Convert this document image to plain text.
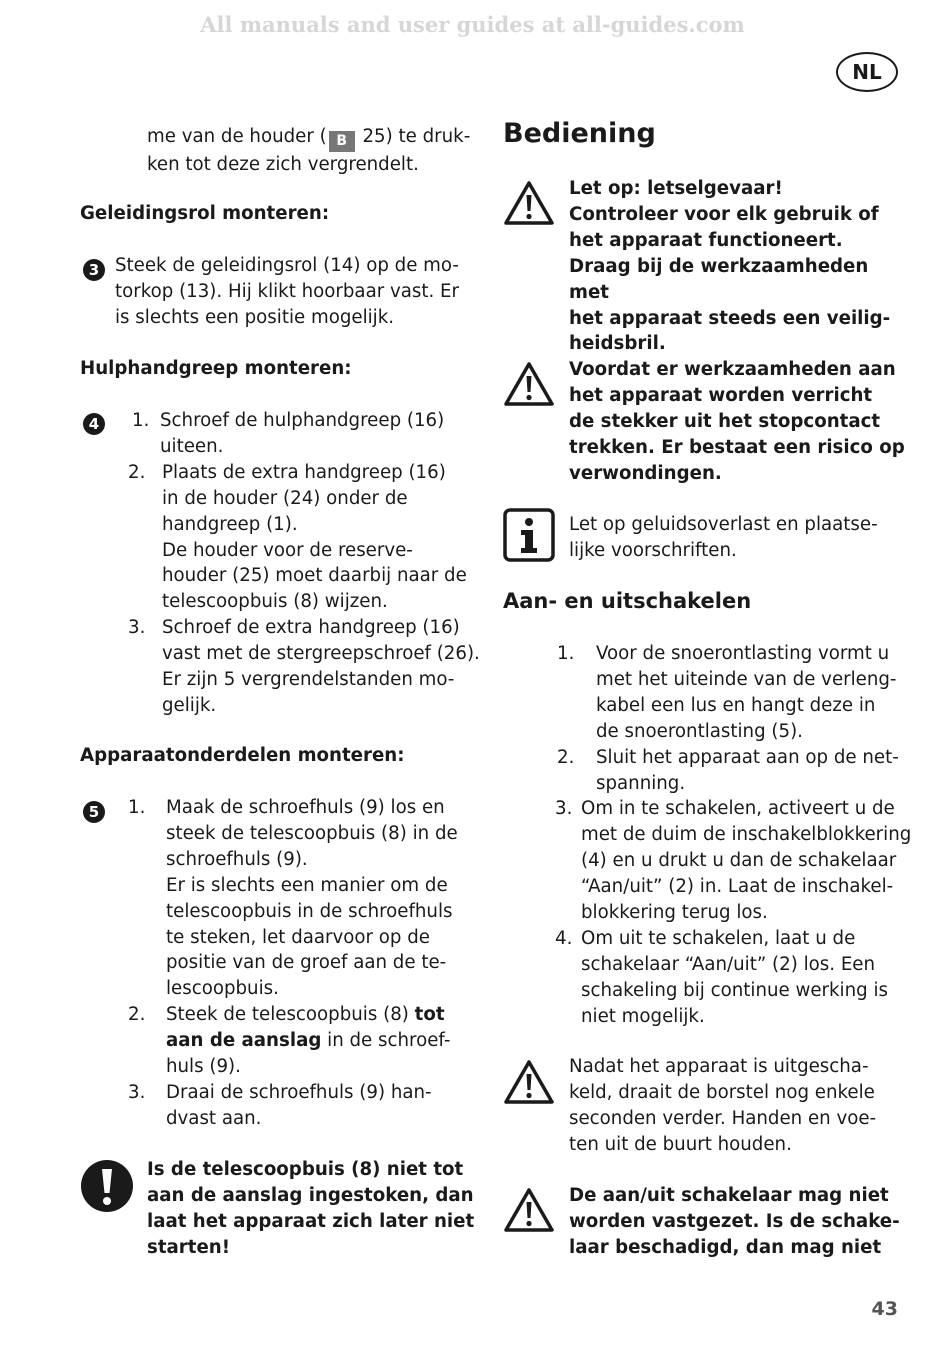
All manuals and user guides at all-guides.com
NL
me van de houder ( B 25) te druk-
ken tot deze zich vergrendelt.
Geleidingsrol monteren:
3 Steek de geleidingsrol (14) op de mo-
torkop (13). Hij klikt hoorbaar vast. Er
is slechts een positie mogelijk.
Hulphandgreep monteren:
4	1. Schroef de hulphandgreep (16)
uiteen.
2. Plaats de extra handgreep (16)
in de houder (24) onder de
handgreep (1).
De houder voor de reserve-
houder (25) moet daarbij naar de
telescoopbuis (8) wijzen.
3. Schroef de extra handgreep (16)
vast met de stergreepschroef (26).
Er zijn 5 vergrendelstanden mo-
gelijk.
Apparaatonderdelen monteren:
5	1. Maak de schroefhuls (9) los en
steek de telescoopbuis (8) in de
schroefhuls (9).
Er is slechts een manier om de
telescoopbuis in de schroefhuls
te steken, let daarvoor op de
positie van de groef aan de te-
lescoopbuis.
2. Steek de telescoopbuis (8) tot
aan de aanslag in de schroef-
huls (9).
3. Draai de schroefhuls (9) han-
dvast aan.
Is de telescoopbuis (8) niet tot
aan de aanslag ingestoken, dan
laat het apparaat zich later niet
starten!
Bediening
Let op: letselgevaar!
Controleer voor elk gebruik of
het apparaat functioneert.
Draag bij de werkzaamheden met
het apparaat steeds een veilig-
heidsbril.
Voordat er werkzaamheden aan
het apparaat worden verricht
de stekker uit het stopcontact
trekken. Er bestaat een risico op
verwondingen.
Let op geluidsoverlast en plaatse-
lijke voorschriften.
Aan- en uitschakelen
1. Voor de snoerontlasting vormt u
met het uiteinde van de verleng-
kabel een lus en hangt deze in
de snoerontlasting (5).
2. Sluit het apparaat aan op de net-
spanning.
3. Om in te schakelen, activeert u de
met de duim de inschakelblokkering
(4) en u drukt u dan de schakelaar
“Aan/uit” (2) in. Laat de inschakel-
blokkering terug los.
4. Om uit te schakelen, laat u de
schakelaar “Aan/uit” (2) los. Een
schakeling bij continue werking is
niet mogelijk.
Nadat het apparaat is uitgescha-
keld, draait de borstel nog enkele
seconden verder. Handen en voe-
ten uit de buurt houden.
De aan/uit schakelaar mag niet
worden vastgezet. Is de schake-
laar beschadigd, dan mag niet
43
